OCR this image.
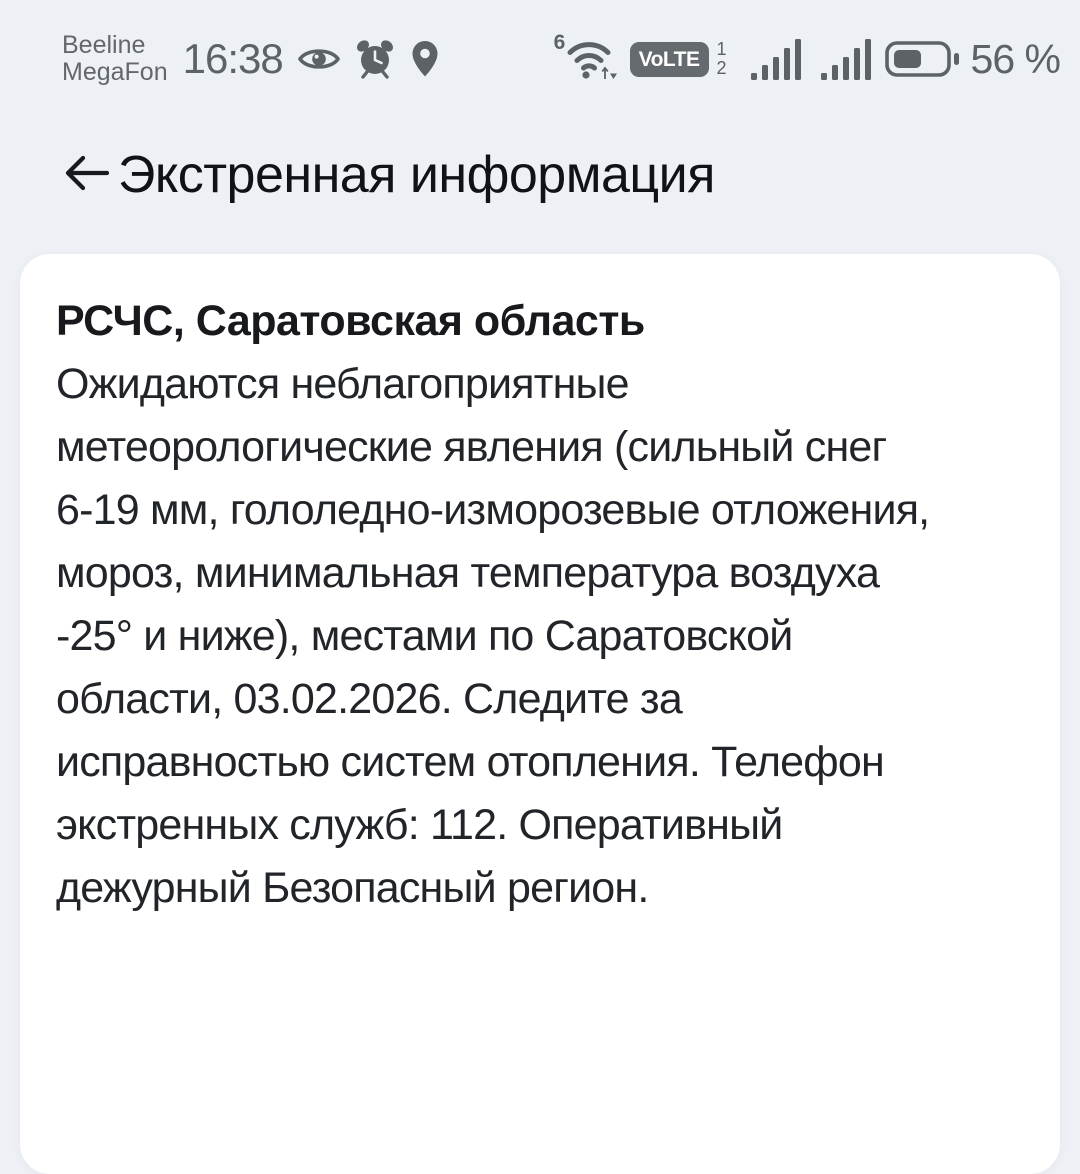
Beeline
MegaFon 16:38	6
VoLTE 1
2	56 %
Экстренная информация
РСЧС, Саратовская область
Ожидаются неблагоприятные
метеорологические явления (сильный снег
6-19 мм, гололедно-изморозевые отложения,
мороз, минимальная температура воздуха
-25° и ниже), местами по Саратовской
области, 03.02.2026. Следите за
исправностью систем отопления. Телефон
экстренных служб: 112. Оперативный
дежурный Безопасный регион.
